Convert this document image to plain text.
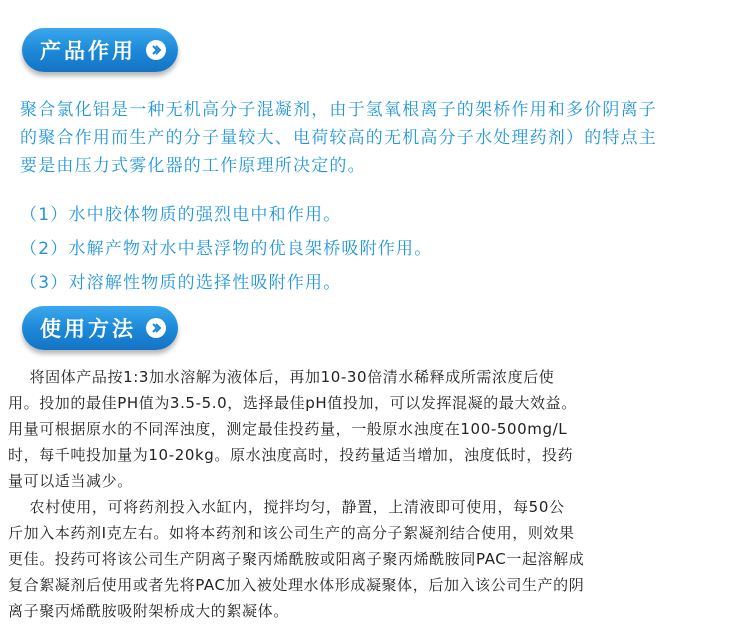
产品作用

聚合氯化铝是一种无机高分子混凝剂，由于氢氧根离子的架桥作用和多价阴离子

的聚合作用而生产的分子量较大、电荷较高的无机高分子水处理药剂）的特点主

要是由压力式雾化器的工作原理所决定的。

（1）水中胶体物质的强烈电中和作用。

（2）水解产物对水中悬浮物的优良架桥吸附作用。

（3）对溶解性物质的选择性吸附作用。

使用方法

将固体产品按1:3加水溶解为液体后，再加10-30倍清水稀释成所需浓度后使

用。投加的最佳PH值为3.5-5.0，选择最佳pH值投加，可以发挥混凝的最大效益。

用量可根据原水的不同浑浊度，测定最佳投药量，一般原水浊度在100-500mg/L

时，每千吨投加量为10-20kg。原水浊度高时，投药量适当增加，浊度低时，投药

量可以适当减少。

农村使用，可将药剂投入水缸内，搅拌均匀，静置，上清液即可使用，每50公

斤加入本药剂I克左右。如将本药剂和该公司生产的高分子絮凝剂结合使用，则效果

更佳。投药可将该公司生产阴离子聚丙烯酰胺或阳离子聚丙烯酰胺同PAC一起溶解成

复合絮凝剂后使用或者先将PAC加入被处理水体形成凝聚体，后加入该公司生产的阴

离子聚丙烯酰胺吸附架桥成大的絮凝体。
